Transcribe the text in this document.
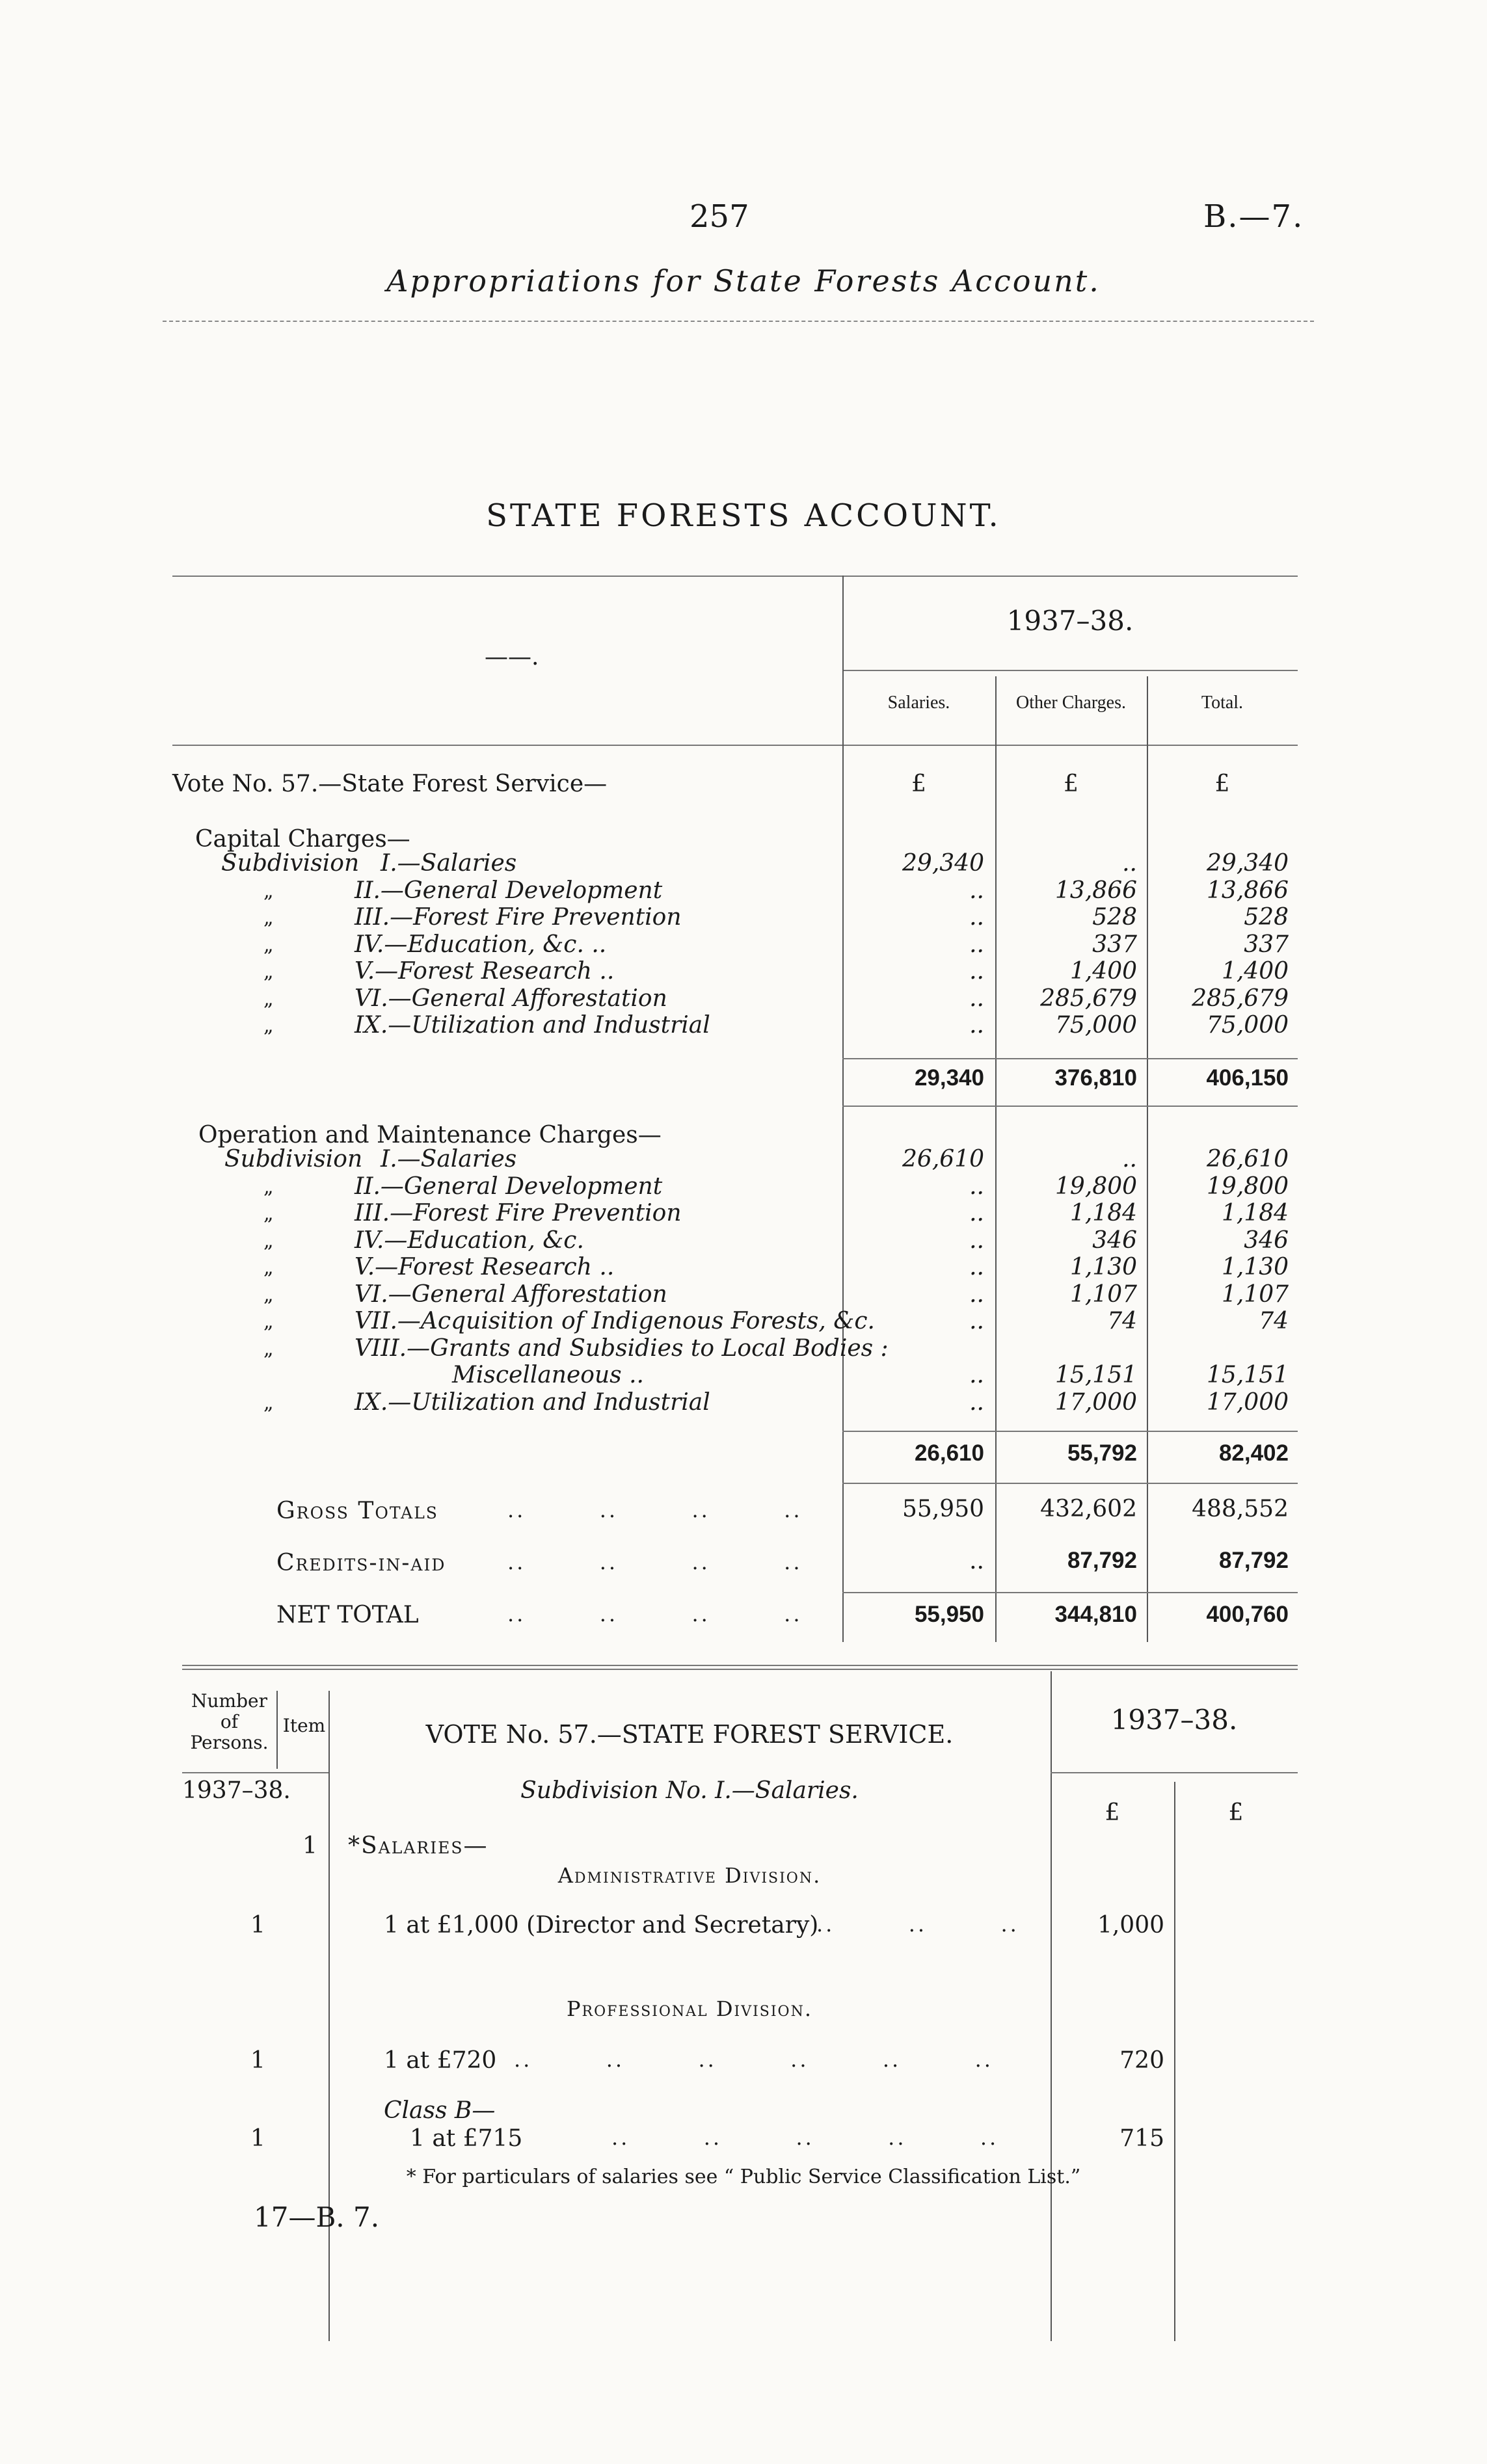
257	B.—7.
Appropriations for State Forests Account.
STATE FORESTS ACCOUNT.
——.
1937–38.
Salaries.	Other Charges.	Total.
Vote No. 57.—State Forest Service—	£	£	£
Capital Charges—
Subdivision I.—Salaries	29,340	..	29,340
„	II.—General Development	..	13,866	13,866
„	III.—Forest Fire Prevention	..	528	528
„	IV.—Education, &c. ..	..	337	337
„	V.—Forest Research ..	..	1,400	1,400
„	VI.—General Afforestation	..	285,679	285,679
„	IX.—Utilization and Industrial	..	75,000	75,000
29,340	376,810	406,150
Operation and Maintenance Charges—
Subdivision I.—Salaries	26,610	..	26,610
„	II.—General Development	..	19,800	19,800
„	III.—Forest Fire Prevention	..	1,184	1,184
„	IV.—Education, &c.	..	346	346
„	V.—Forest Research ..	..	1,130	1,130
„	VI.—General Afforestation	..	1,107	1,107
„	VII.—Acquisition of Indigenous Forests, &c.	..	74	74
„	VIII.—Grants and Subsidies to Local Bodies :
Miscellaneous ..	..	15,151	15,151
„	IX.—Utilization and Industrial	..	17,000	17,000
26,610	55,792	82,402
Gross Totals	..        ..        ..        ..	55,950	432,602	488,552
Credits-in-aid	..        ..        ..        ..	..	87,792	87,792
NET TOTAL	..        ..        ..        ..	55,950	344,810	400,760
Number of Persons.
Item	VOTE No. 57.—STATE FOREST SERVICE.	1937–38.
1937–38.	Subdivision No. I.—Salaries.
£	£
1 *Salaries—
Administrative Division.
1	1 at £1,000 (Director and Secretary)
..        ..        ..	1,000
Professional Division.
1	1 at £720 ..        ..        ..        ..        ..        ..	720
Class B—
1	1 at £715	..        ..        ..        ..        ..	715
* For particulars of salaries see “ Public Service Classification List.”
17—B. 7.
